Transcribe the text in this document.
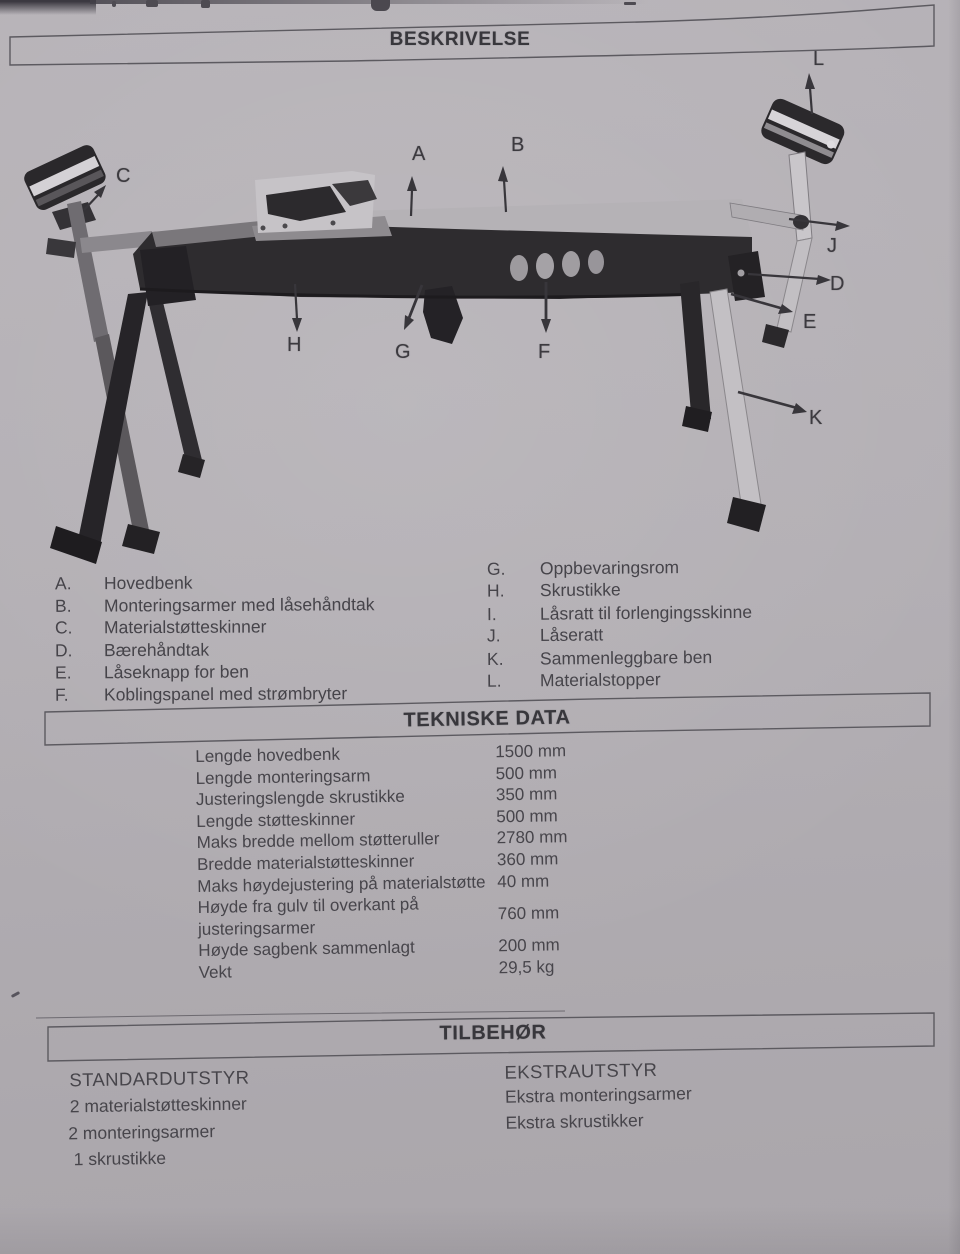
BESKRIVELSE
A	B
C
D
E
F
G
H
J
K
L
A. Hovedbenk
B. Monteringsarmer med låsehåndtak
C. Materialstøtteskinner
D. Bærehåndtak
E. Låseknapp for ben
F. Koblingspanel med strømbryter
G. Oppbevaringsrom
H. Skrustikke
I. Låsratt til forlengingsskinne
J. Låseratt
K. Sammenleggbare ben
L. Materialstopper
TEKNISKE DATA
Lengde hovedbenk	1500 mm
Lengde monteringsarm	500 mm
Justeringslengde skrustikke	350 mm
Lengde støtteskinner	500 mm
Maks bredde mellom støtteruller	2780 mm
Bredde materialstøtteskinner	360 mm
Maks høydejustering på materialstøtte 40 mm
Høyde fra gulv til overkant på justeringsarmer
760 mm
Høyde sagbenk sammenlagt	200 mm
Vekt	29,5 kg
TILBEHØR
STANDARDUTSTYR
2 materialstøtteskinner
2 monteringsarmer
1 skrustikke
EKSTRAUTSTYR
Ekstra monteringsarmer
Ekstra skrustikker
